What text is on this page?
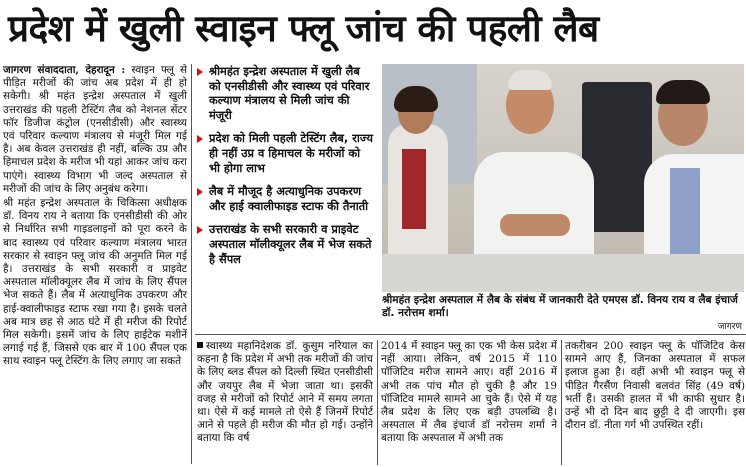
प्रदेश में खुली स्वाइन फ्लू जांच की पहली लैब

जागरण संवाददाता, देहरादून : स्वाइन फ्लू से पीड़ित मरीजों की जांच अब प्रदेश में ही हो सकेगी। श्री महंत इन्द्रेश अस्पताल में खुली उत्तराखंड की पहली टेस्टिंग लैब को नेशनल सेंटर फॉर डिजीज कंट्रोल (एनसीडीसी) और स्वास्थ्य एवं परिवार कल्याण मंत्रालय से मंजूरी मिल गई है। अब केवल उत्तराखंड ही नहीं, बल्कि उप्र और हिमाचल प्रदेश के मरीज भी यहां आकर जांच करा पाएंगे। स्वास्थ्य विभाग भी जल्द अस्पताल से मरीजों की जांच के लिए अनुबंध करेगा।

श्री महंत इन्द्रेश अस्पताल के चिकित्सा अधीक्षक डॉ. विनय राय ने बताया कि एनसीडीसी की ओर से निर्धारित सभी गाइडलाइनों को पूरा करने के बाद स्वास्थ्य एवं परिवार कल्याण मंत्रालय भारत सरकार से स्वाइन फ्लू जांच की अनुमति मिल गई है। उत्तराखंड के सभी सरकारी व प्राइवेट अस्पताल मॉलीक्यूलर लैब में जांच के लिए सैंपल भेज सकते हैं। लैब में अत्याधुनिक उपकरण और हाई-क्वालीफाइड स्टाफ रखा गया है। इसके चलते अब मात्र छह से आठ घंटे में ही मरीज की रिपोर्ट मिल सकेगी। इसमें जांच के लिए हाईटेक मशीनें लगाई गई हैं, जिससे एक बार में 100 सैंपल एक साथ स्वाइन फ्लू टेस्टिंग के लिए लगाए जा सकते

श्रीमहंत इन्द्रेश अस्पताल में खुली लैब को एनसीडीसी और स्वास्थ्य एवं परिवार कल्याण मंत्रालय से मिली जांच की मंजूरी
प्रदेश को मिली पहली टेस्टिंग लैब, राज्य ही नहीं उप्र व हिमाचल के मरीजों को भी होगा लाभ
लैब में मौजूद है अत्याधुनिक उपकरण और हाई क्वालीफाइड स्टाफ की तैनाती
उत्तराखंड के सभी सरकारी व प्राइवेट अस्पताल मॉलीक्यूलर लैब में भेज सकते है सैंपल
श्रीमहंत इन्द्रेश अस्पताल में लैब के संबंध में जानकारी देते एमएस डॉ. विनय राय व लैब इंचार्ज डॉ. नरोत्तम शर्मा।
जागरण

स्वास्थ्य महानिदेशक डॉ. कुसुम नरियाल का कहना है कि प्रदेश में अभी तक मरीजों की जांच के लिए ब्लड सैंपल को दिल्ली स्थित एनसीडीसी और जयपुर लैब में भेजा जाता था। इसकी वजह से मरीजों को रिपोर्ट आने में समय लगता था। ऐसे में कई मामले तो ऐसे हैं जिनमें रिपोर्ट आने से पहले ही मरीज की मौत हो गई। उन्होंने बताया कि वर्ष

2014 में स्वाइन फ्लू का एक भी केस प्रदेश में नहीं आया। लेकिन, वर्ष 2015 में 110 पॉजिटिव मरीज सामने आए। वहीं 2016 में अभी तक पांच मौत हो चुकी है और 19 पॉजिटिव मामले सामने आ चुके हैं। ऐसे में यह लैब प्रदेश के लिए एक बड़ी उपलब्धि है। अस्पताल में लैब इंचार्ज डॉ नरोत्तम शर्मा ने बताया कि अस्पताल में अभी तक

तकरीबन 200 स्वाइन फ्लू के पॉजिटिव केस सामने आए हैं, जिनका अस्पताल में सफल इलाज हुआ है। वहीं अभी भी स्वाइन फ्लू से पीड़ित गैरसैंण निवासी बलवंत सिंह (49 वर्ष) भर्ती हैं। उसकी हालत में भी काफी सुधार है। उन्हें भी दो दिन बाद छुट्टी दे दी जाएगी। इस दौरान डॉ. नीता गर्ग भी उपस्थित रहीं।
